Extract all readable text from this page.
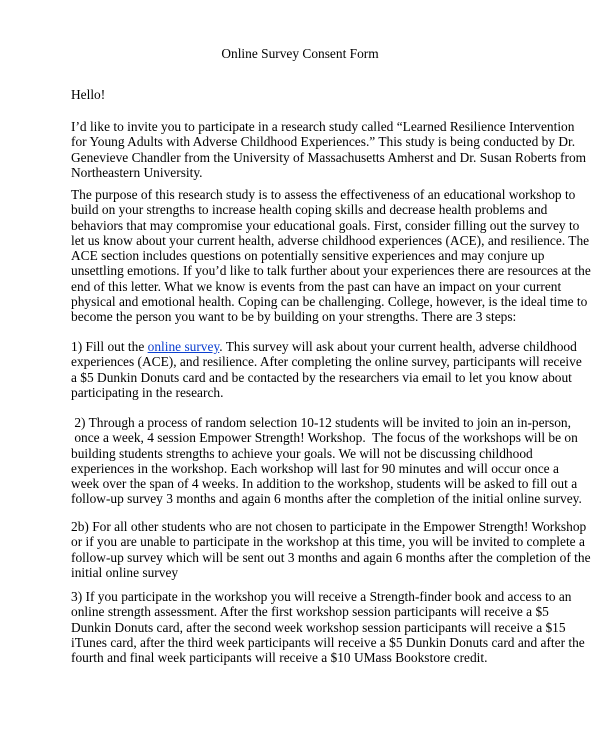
Online Survey Consent Form
Hello!
I’d like to invite you to participate in a research study called “Learned Resilience Intervention
for Young Adults with Adverse Childhood Experiences.” This study is being conducted by Dr.
Genevieve Chandler from the University of Massachusetts Amherst and Dr. Susan Roberts from
Northeastern University.
The purpose of this research study is to assess the effectiveness of an educational workshop to
build on your strengths to increase health coping skills and decrease health problems and
behaviors that may compromise your educational goals. First, consider filling out the survey to
let us know about your current health, adverse childhood experiences (ACE), and resilience. The
ACE section includes questions on potentially sensitive experiences and may conjure up
unsettling emotions. If you’d like to talk further about your experiences there are resources at the
end of this letter. What we know is events from the past can have an impact on your current
physical and emotional health. Coping can be challenging. College, however, is the ideal time to
become the person you want to be by building on your strengths. There are 3 steps:
1) Fill out the online survey. This survey will ask about your current health, adverse childhood
experiences (ACE), and resilience. After completing the online survey, participants will receive
a $5 Dunkin Donuts card and be contacted by the researchers via email to let you know about
participating in the research.
2) Through a process of random selection 10-12 students will be invited to join an in-person,
once a week, 4 session Empower Strength! Workshop.  The focus of the workshops will be on
building students strengths to achieve your goals. We will not be discussing childhood
experiences in the workshop. Each workshop will last for 90 minutes and will occur once a
week over the span of 4 weeks. In addition to the workshop, students will be asked to fill out a
follow-up survey 3 months and again 6 months after the completion of the initial online survey.
2b) For all other students who are not chosen to participate in the Empower Strength! Workshop
or if you are unable to participate in the workshop at this time, you will be invited to complete a
follow-up survey which will be sent out 3 months and again 6 months after the completion of the
initial online survey
3) If you participate in the workshop you will receive a Strength-finder book and access to an
online strength assessment. After the first workshop session participants will receive a $5
Dunkin Donuts card, after the second week workshop session participants will receive a $15
iTunes card, after the third week participants will receive a $5 Dunkin Donuts card and after the
fourth and final week participants will receive a $10 UMass Bookstore credit.
